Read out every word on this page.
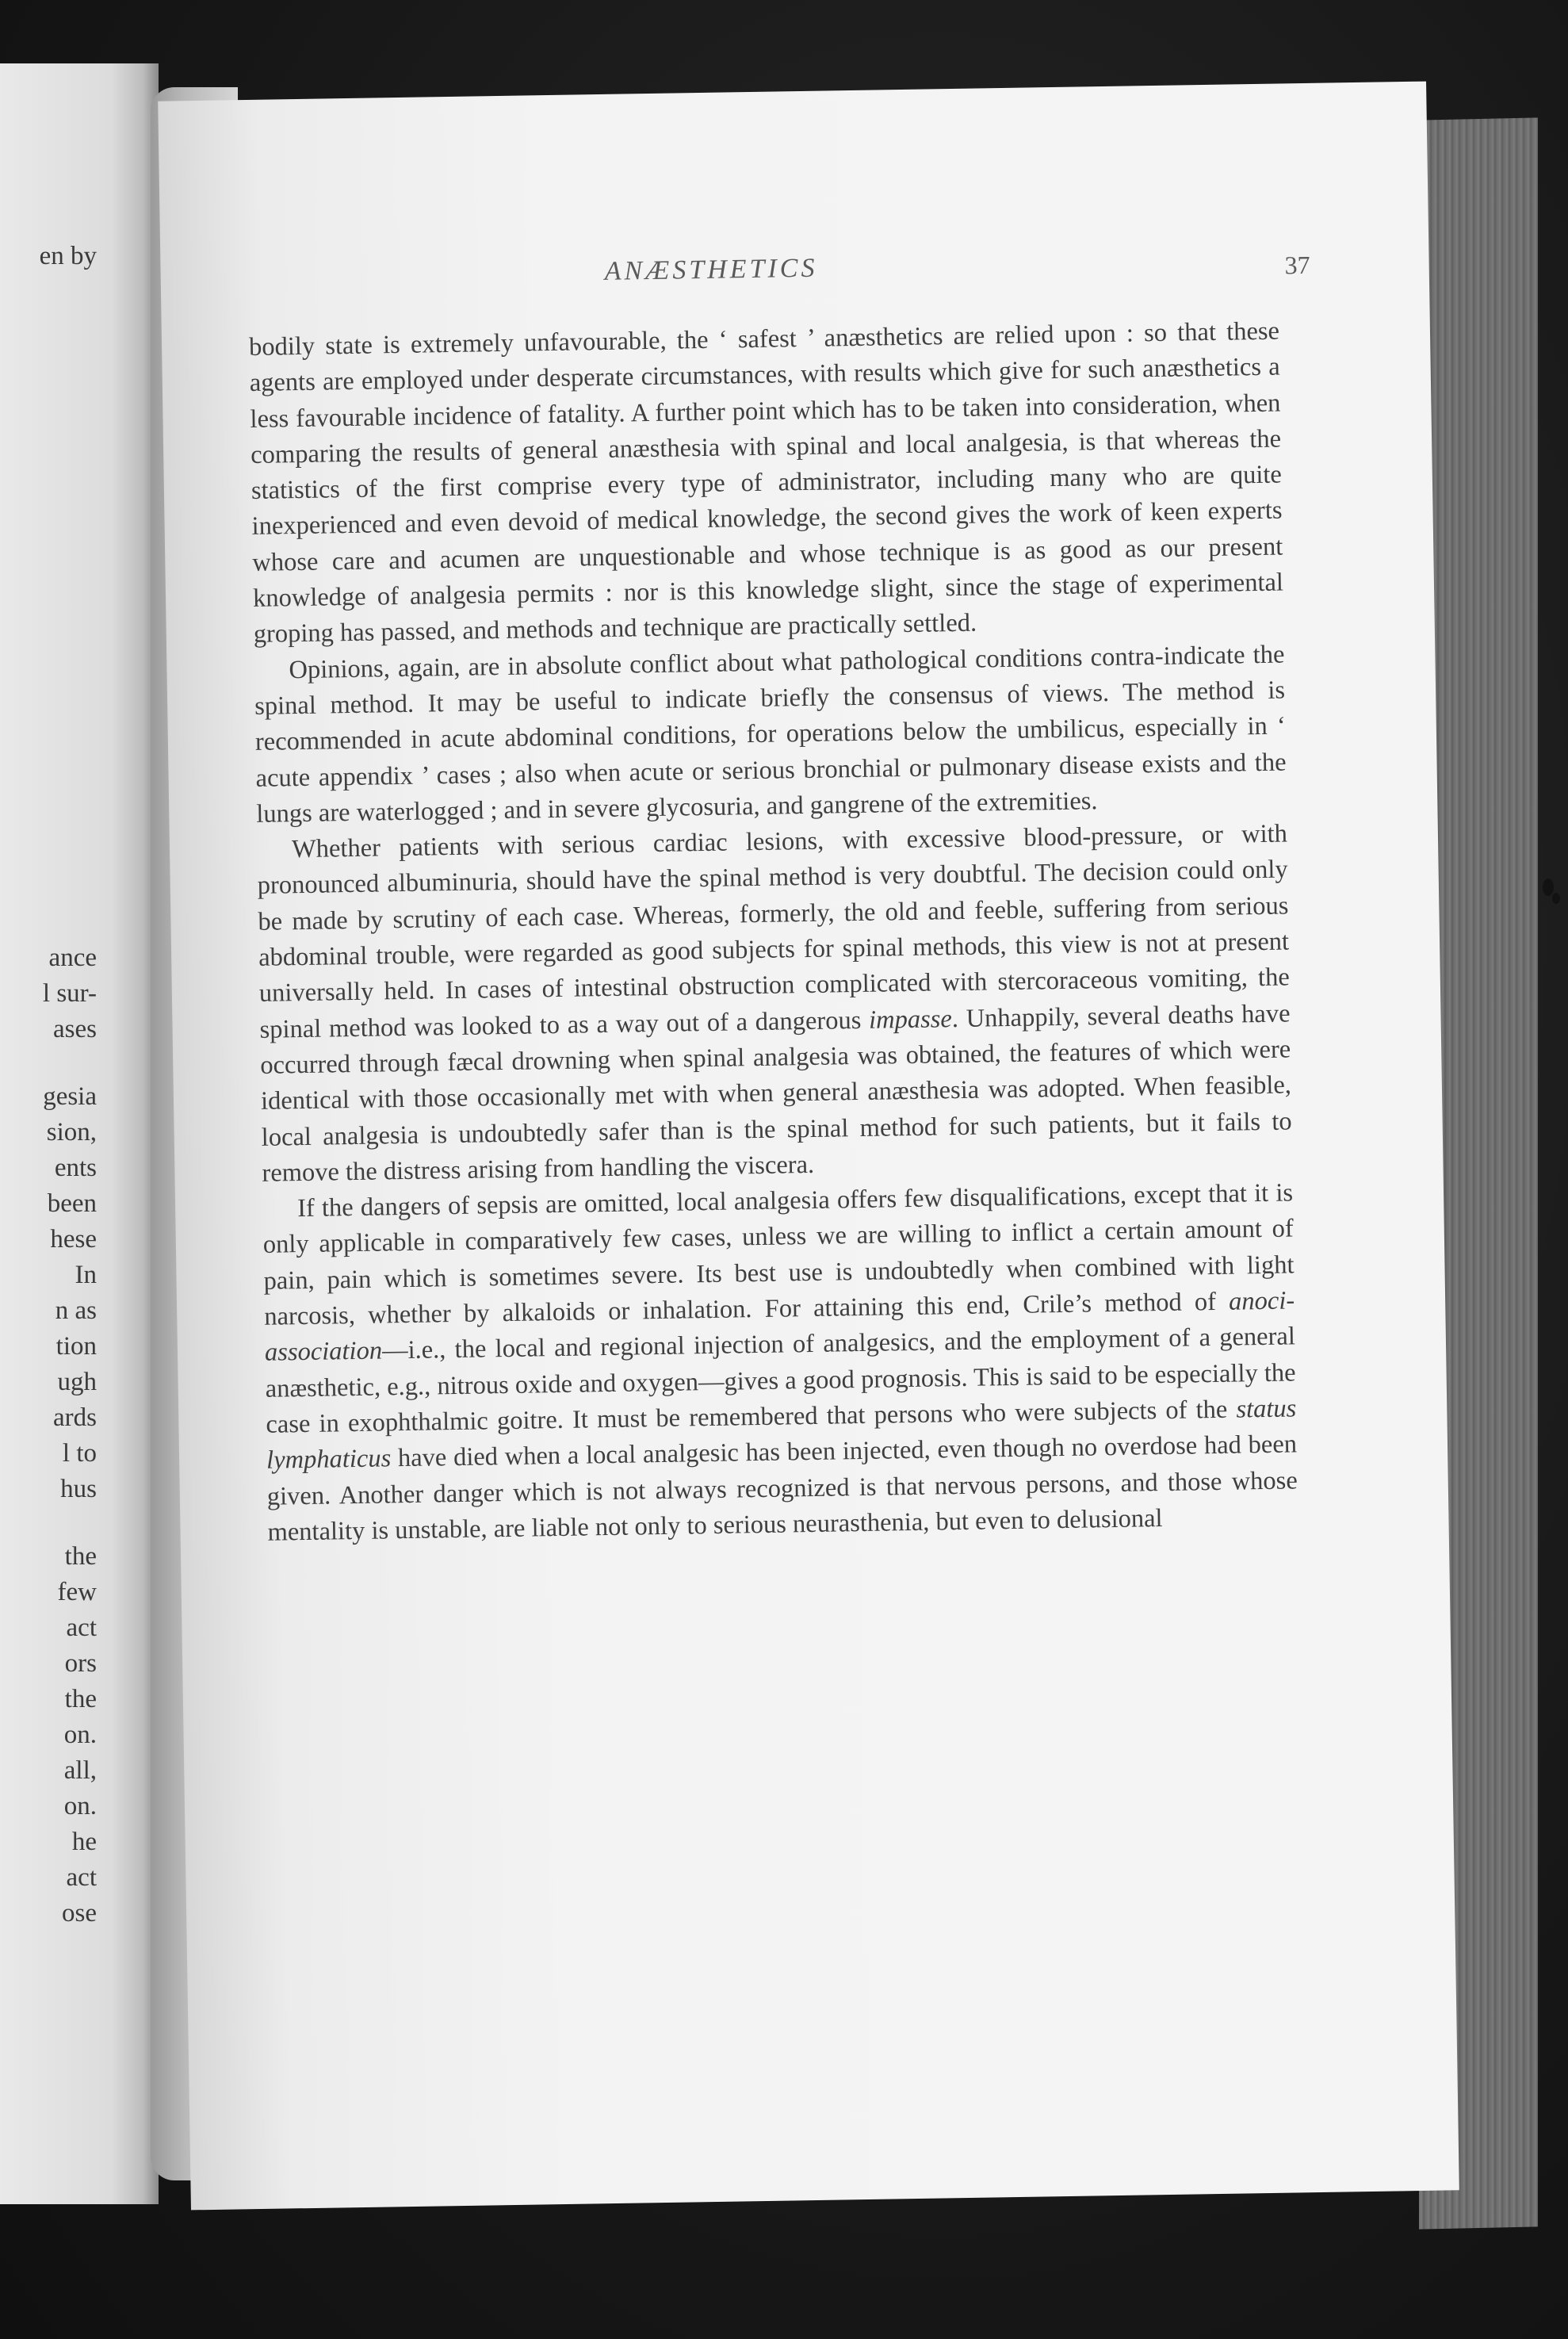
en by

ance

l sur-

ases

gesia

sion,

ents

been

hese

In

n as

tion

ugh

ards

l to

hus

the

few

act

ors

the

on.

all,

on.

he

act

ose

ANÆSTHETICS	37

bodily state is extremely unfavourable, the ‘ safest ’ anæsthetics are relied upon : so that these agents are employed under desperate circumstances, with results which give for such anæsthetics a less favourable incidence of fatality. A further point which has to be taken into consideration, when comparing the results of general anæsthesia with spinal and local analgesia, is that whereas the statistics of the first comprise every type of administrator, including many who are quite inexperienced and even devoid of medical knowledge, the second gives the work of keen experts whose care and acumen are unquestionable and whose technique is as good as our present knowledge of analgesia permits : nor is this knowledge slight, since the stage of experimental groping has passed, and methods and technique are practically settled.

Opinions, again, are in absolute conflict about what pathological conditions contra-indicate the spinal method. It may be useful to indicate briefly the consensus of views. The method is recommended in acute abdominal conditions, for operations below the umbilicus, especially in ‘ acute appendix ’ cases ; also when acute or serious bronchial or pulmonary disease exists and the lungs are waterlogged ; and in severe glycosuria, and gangrene of the extremities.

Whether patients with serious cardiac lesions, with excessive blood-pressure, or with pronounced albuminuria, should have the spinal method is very doubtful. The decision could only be made by scrutiny of each case. Whereas, formerly, the old and feeble, suffering from serious abdominal trouble, were regarded as good subjects for spinal methods, this view is not at present universally held. In cases of intestinal obstruction complicated with stercoraceous vomiting, the spinal method was looked to as a way out of a dangerous impasse. Unhappily, several deaths have occurred through fæcal drowning when spinal analgesia was obtained, the features of which were identical with those occasionally met with when general anæsthesia was adopted. When feasible, local analgesia is undoubtedly safer than is the spinal method for such patients, but it fails to remove the distress arising from handling the viscera.

If the dangers of sepsis are omitted, local analgesia offers few disqualifications, except that it is only applicable in comparatively few cases, unless we are willing to inflict a certain amount of pain, pain which is sometimes severe. Its best use is undoubtedly when combined with light narcosis, whether by alkaloids or inhalation. For attaining this end, Crile’s method of anoci-association—i.e., the local and regional injection of analgesics, and the employment of a general anæsthetic, e.g., nitrous oxide and oxygen—gives a good prognosis. This is said to be especially the case in exophthalmic goitre. It must be remembered that persons who were subjects of the status lymphaticus have died when a local analgesic has been injected, even though no overdose had been given. Another danger which is not always recognized is that nervous persons, and those whose mentality is unstable, are liable not only to serious neurasthenia, but even to delusional
